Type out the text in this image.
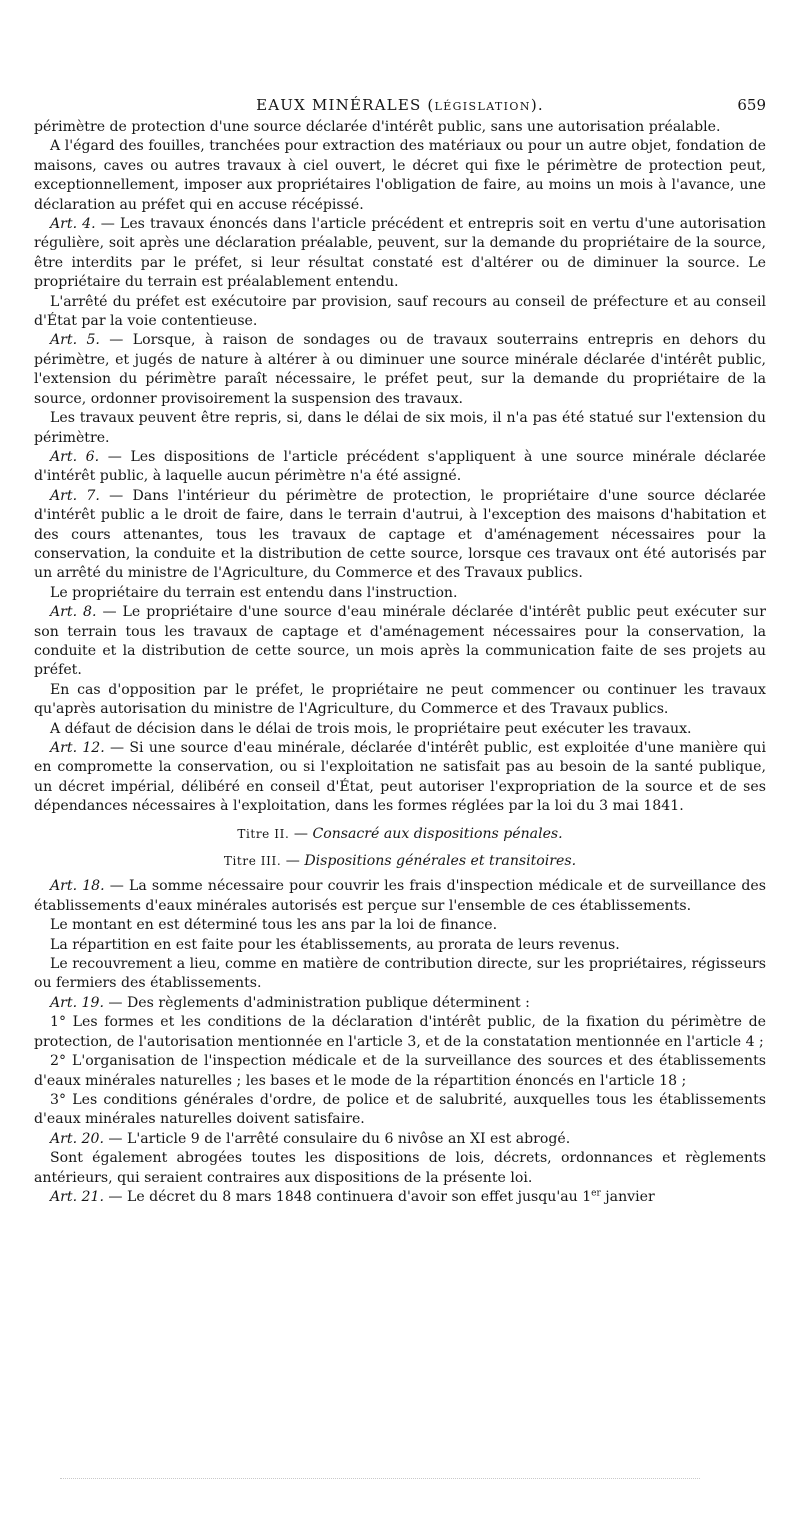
EAUX MINÉRALES (LÉGISLATION).	659

périmètre de protection d'une source déclarée d'intérêt public, sans une autorisation préalable.

A l'égard des fouilles, tranchées pour extraction des matériaux ou pour un autre objet, fondation de maisons, caves ou autres travaux à ciel ouvert, le décret qui fixe le périmètre de protection peut, exceptionnellement, imposer aux propriétaires l'obligation de faire, au moins un mois à l'avance, une déclaration au préfet qui en accuse récépissé.

Art. 4. — Les travaux énoncés dans l'article précédent et entrepris soit en vertu d'une autorisation régulière, soit après une déclaration préalable, peuvent, sur la demande du propriétaire de la source, être interdits par le préfet, si leur résultat constaté est d'altérer ou de diminuer la source. Le propriétaire du terrain est préalablement entendu.

L'arrêté du préfet est exécutoire par provision, sauf recours au conseil de préfecture et au conseil d'État par la voie contentieuse.

Art. 5. — Lorsque, à raison de sondages ou de travaux souterrains entrepris en dehors du périmètre, et jugés de nature à altérer à ou diminuer une source minérale déclarée d'intérêt public, l'extension du périmètre paraît nécessaire, le préfet peut, sur la demande du propriétaire de la source, ordonner provisoirement la suspension des travaux.

Les travaux peuvent être repris, si, dans le délai de six mois, il n'a pas été statué sur l'extension du périmètre.

Art. 6. — Les dispositions de l'article précédent s'appliquent à une source minérale déclarée d'intérêt public, à laquelle aucun périmètre n'a été assigné.

Art. 7. — Dans l'intérieur du périmètre de protection, le propriétaire d'une source déclarée d'intérêt public a le droit de faire, dans le terrain d'autrui, à l'exception des maisons d'habitation et des cours attenantes, tous les travaux de captage et d'aménagement nécessaires pour la conservation, la conduite et la distribution de cette source, lorsque ces travaux ont été autorisés par un arrêté du ministre de l'Agriculture, du Commerce et des Travaux publics.

Le propriétaire du terrain est entendu dans l'instruction.

Art. 8. — Le propriétaire d'une source d'eau minérale déclarée d'intérêt public peut exécuter sur son terrain tous les travaux de captage et d'aménagement nécessaires pour la conservation, la conduite et la distribution de cette source, un mois après la communication faite de ses projets au préfet.

En cas d'opposition par le préfet, le propriétaire ne peut commencer ou continuer les travaux qu'après autorisation du ministre de l'Agriculture, du Commerce et des Travaux publics.

A défaut de décision dans le délai de trois mois, le propriétaire peut exécuter les travaux.

Art. 12. — Si une source d'eau minérale, déclarée d'intérêt public, est exploitée d'une manière qui en compromette la conservation, ou si l'exploitation ne satisfait pas au besoin de la santé publique, un décret impérial, délibéré en conseil d'État, peut autoriser l'expropriation de la source et de ses dépendances nécessaires à l'exploitation, dans les formes réglées par la loi du 3 mai 1841.

Titre II. — Consacré aux dispositions pénales.
Titre III. — Dispositions générales et transitoires.

Art. 18. — La somme nécessaire pour couvrir les frais d'inspection médicale et de surveillance des établissements d'eaux minérales autorisés est perçue sur l'ensemble de ces établissements.

Le montant en est déterminé tous les ans par la loi de finance.

La répartition en est faite pour les établissements, au prorata de leurs revenus.

Le recouvrement a lieu, comme en matière de contribution directe, sur les propriétaires, régisseurs ou fermiers des établissements.

Art. 19. — Des règlements d'administration publique déterminent :

1° Les formes et les conditions de la déclaration d'intérêt public, de la fixation du périmètre de protection, de l'autorisation mentionnée en l'article 3, et de la constatation mentionnée en l'article 4 ;

2° L'organisation de l'inspection médicale et de la surveillance des sources et des établissements d'eaux minérales naturelles ; les bases et le mode de la répartition énoncés en l'article 18 ;

3° Les conditions générales d'ordre, de police et de salubrité, auxquelles tous les établissements d'eaux minérales naturelles doivent satisfaire.

Art. 20. — L'article 9 de l'arrêté consulaire du 6 nivôse an XI est abrogé.

Sont également abrogées toutes les dispositions de lois, décrets, ordonnances et règlements antérieurs, qui seraient contraires aux dispositions de la présente loi.

Art. 21. — Le décret du 8 mars 1848 continuera d'avoir son effet jusqu'au 1er janvier
